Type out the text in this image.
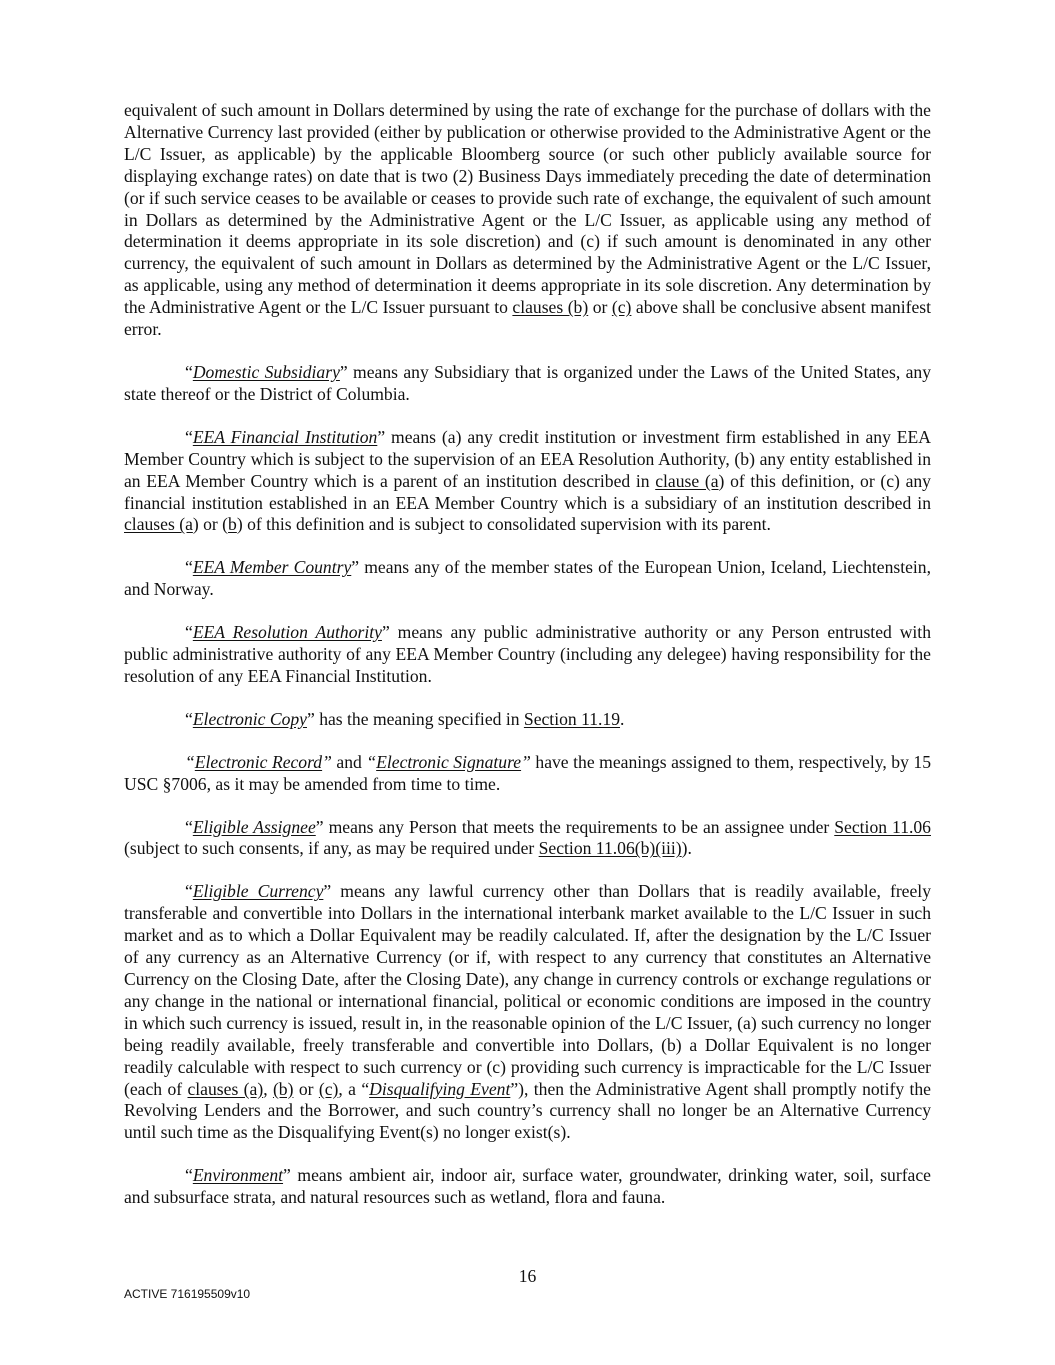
equivalent of such amount in Dollars determined by using the rate of exchange for the purchase of dollars with the Alternative Currency last provided (either by publication or otherwise provided to the Administrative Agent or the L/C Issuer, as applicable) by the applicable Bloomberg source (or such other publicly available source for displaying exchange rates) on date that is two (2) Business Days immediately preceding the date of determination (or if such service ceases to be available or ceases to provide such rate of exchange, the equivalent of such amount in Dollars as determined by the Administrative Agent or the L/C Issuer, as applicable using any method of determination it deems appropriate in its sole discretion) and (c) if such amount is denominated in any other currency, the equivalent of such amount in Dollars as determined by the Administrative Agent or the L/C Issuer, as applicable, using any method of determination it deems appropriate in its sole discretion. Any determination by the Administrative Agent or the L/C Issuer pursuant to clauses (b) or (c) above shall be conclusive absent manifest error.

“Domestic Subsidiary” means any Subsidiary that is organized under the Laws of the United States, any state thereof or the District of Columbia.

“EEA Financial Institution” means (a) any credit institution or investment firm established in any EEA Member Country which is subject to the supervision of an EEA Resolution Authority, (b) any entity established in an EEA Member Country which is a parent of an institution described in clause (a) of this definition, or (c) any financial institution established in an EEA Member Country which is a subsidiary of an institution described in clauses (a) or (b) of this definition and is subject to consolidated supervision with its parent.

“EEA Member Country” means any of the member states of the European Union, Iceland, Liechtenstein, and Norway.

“EEA Resolution Authority” means any public administrative authority or any Person entrusted with public administrative authority of any EEA Member Country (including any delegee) having responsibility for the resolution of any EEA Financial Institution.

“Electronic Copy” has the meaning specified in Section 11.19.

“Electronic Record” and “Electronic Signature” have the meanings assigned to them, respectively, by 15 USC §7006, as it may be amended from time to time.

“Eligible Assignee” means any Person that meets the requirements to be an assignee under Section 11.06 (subject to such consents, if any, as may be required under Section 11.06(b)(iii)).

“Eligible Currency” means any lawful currency other than Dollars that is readily available, freely transferable and convertible into Dollars in the international interbank market available to the L/C Issuer in such market and as to which a Dollar Equivalent may be readily calculated. If, after the designation by the L/C Issuer of any currency as an Alternative Currency (or if, with respect to any currency that constitutes an Alternative Currency on the Closing Date, after the Closing Date), any change in currency controls or exchange regulations or any change in the national or international financial, political or economic conditions are imposed in the country in which such currency is issued, result in, in the reasonable opinion of the L/C Issuer, (a) such currency no longer being readily available, freely transferable and convertible into Dollars, (b) a Dollar Equivalent is no longer readily calculable with respect to such currency or (c) providing such currency is impracticable for the L/C Issuer (each of clauses (a), (b) or (c), a “Disqualifying Event”), then the Administrative Agent shall promptly notify the Revolving Lenders and the Borrower, and such country’s currency shall no longer be an Alternative Currency until such time as the Disqualifying Event(s) no longer exist(s).

“Environment” means ambient air, indoor air, surface water, groundwater, drinking water, soil, surface and subsurface strata, and natural resources such as wetland, flora and fauna.

16
ACTIVE 716195509v10
